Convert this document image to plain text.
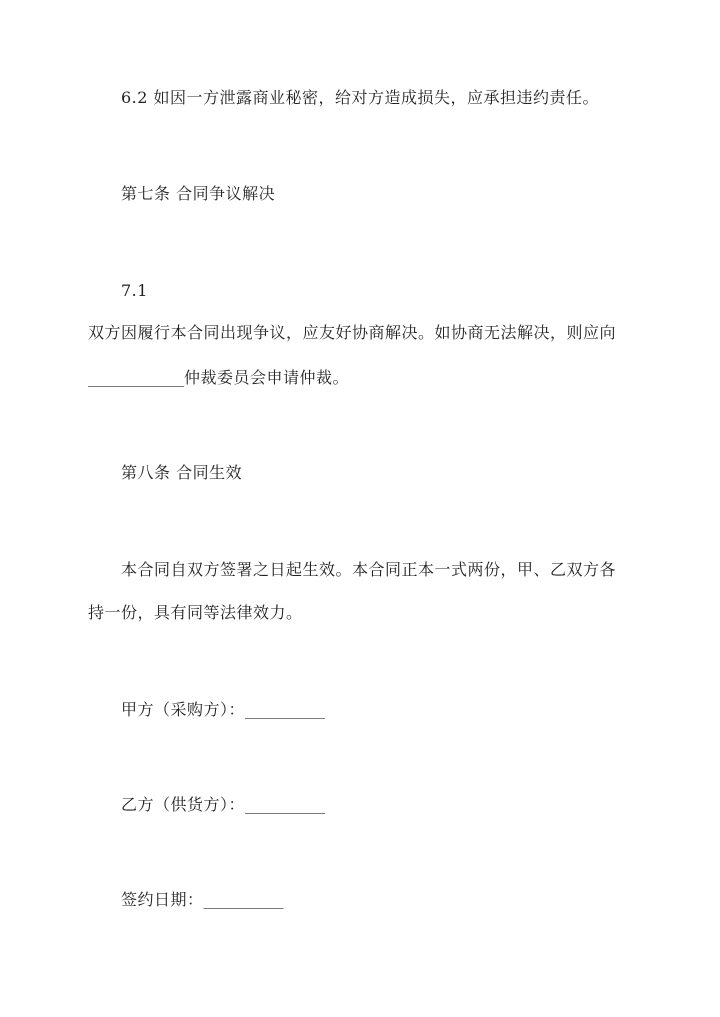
6.2 如因一方泄露商业秘密，给对方造成损失，应承担违约责任。
第七条 合同争议解决
7.1
双方因履行本合同出现争议，应友好协商解决。如协商无法解决，则应向
____________仲裁委员会申请仲裁。
第八条 合同生效
本合同自双方签署之日起生效。本合同正本一式两份，甲、乙双方各
持一份，具有同等法律效力。
甲方（采购方）：__________
乙方（供货方）：__________
签约日期：__________
